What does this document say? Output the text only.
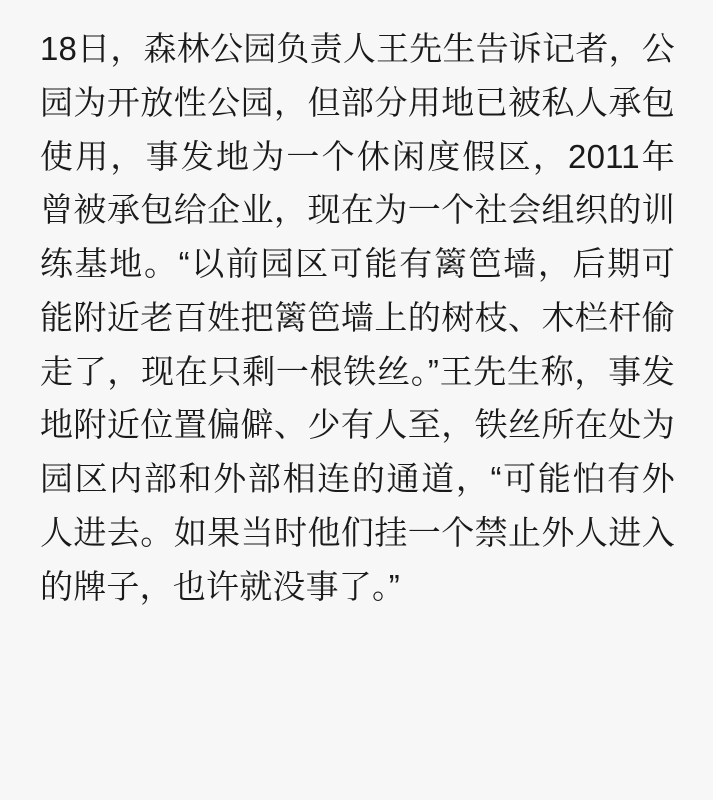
18日，森林公园负责人王先生告诉记者，公园为开放性公园，但部分用地已被私人承包使用，事发地为一个休闲度假区，2011年曾被承包给企业，现在为一个社会组织的训练基地。“以前园区可能有篱笆墙，后期可能附近老百姓把篱笆墙上的树枝、木栏杆偷走了，现在只剩一根铁丝。”王先生称，事发地附近位置偏僻、少有人至，铁丝所在处为园区内部和外部相连的通道，“可能怕有外人进去。如果当时他们挂一个禁止外人进入的牌子，也许就没事了。”
